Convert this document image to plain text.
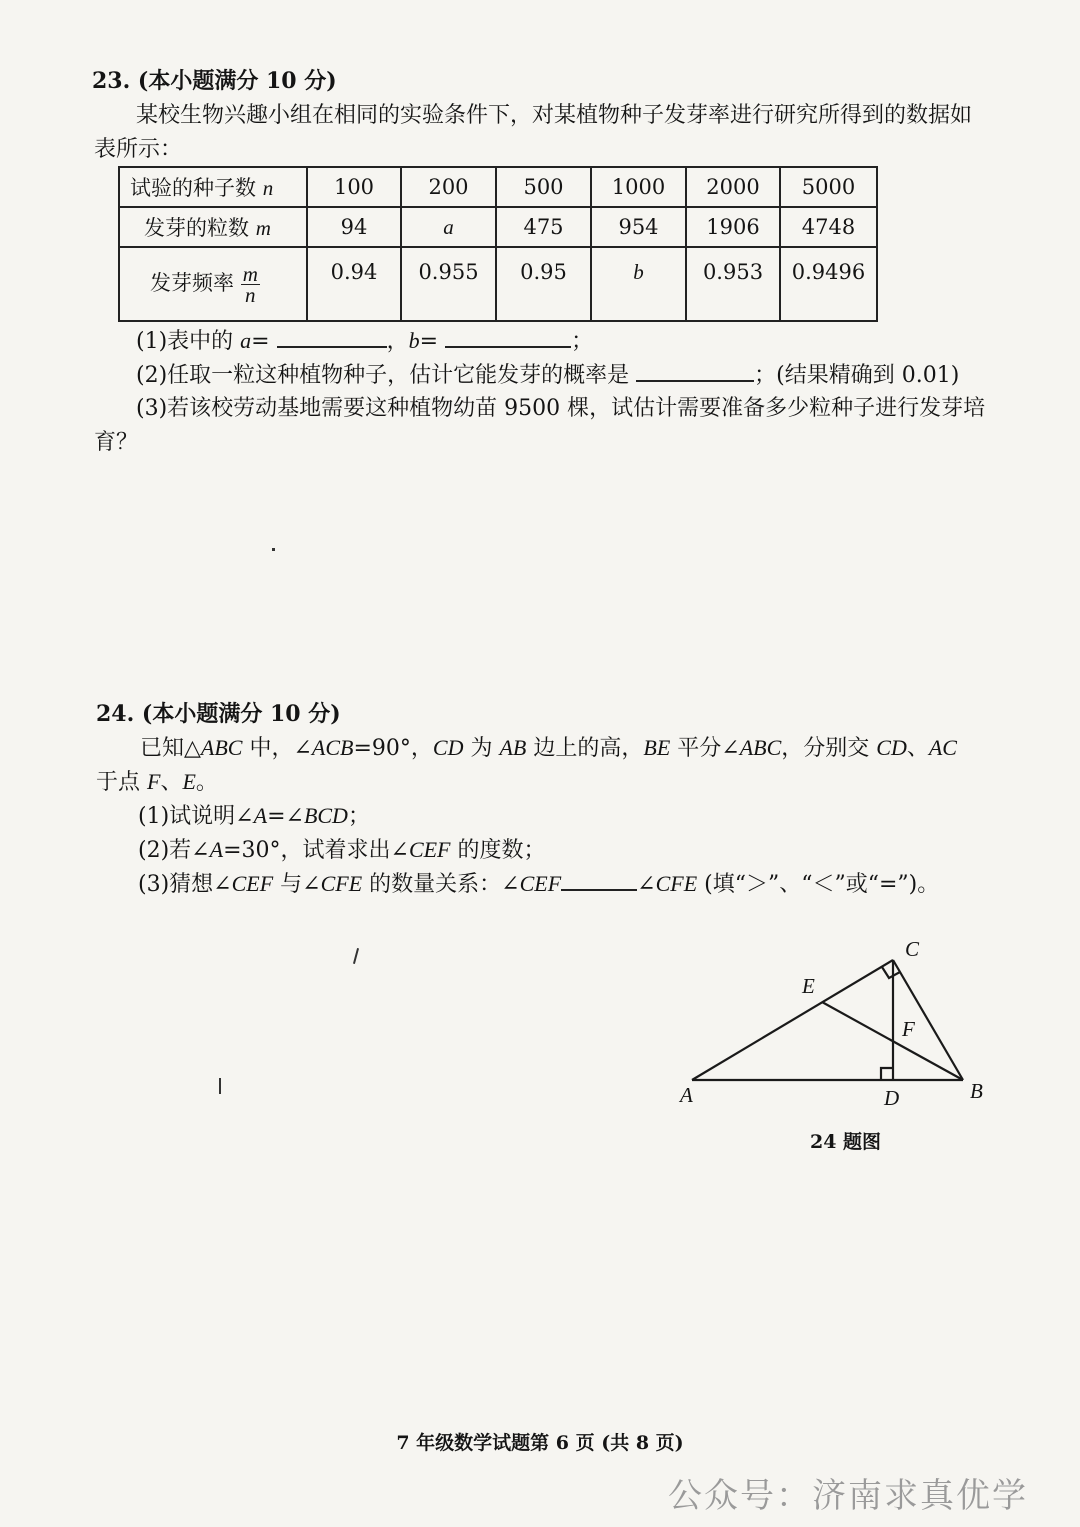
23. (本小题满分 10 分)
某校生物兴趣小组在相同的实验条件下，对某植物种子发芽率进行研究所得到的数据如
表所示：
试验的种子数 n	100	200	500	1000	2000	5000
发芽的粒数 m	94	a	475	954	1906	4748
发芽频率 $\frac{m}{n}$	0.94	0.955	0.95	b	0.953	0.9496
(1)表中的 a=	，b=	；
(2)任取一粒这种植物种子，估计它能发芽的概率是	；(结果精确到 0.01)
(3)若该校劳动基地需要这种植物幼苗 9500 棵，试估计需要准备多少粒种子进行发芽培
育？
24. (本小题满分 10 分)
已知△ABC 中，∠ACB=90°，CD 为 AB 边上的高，BE 平分∠ABC，分别交 CD、AC
于点 F、E。
(1)试说明∠A=∠BCD；
(2)若∠A=30°，试着求出∠CEF 的度数；
(3)猜想∠CEF 与∠CFE 的数量关系：∠CEF	∠CFE (填“＞”、“＜”或“=”)。
C
E
F
A	D	B
24 题图
7 年级数学试题第 6 页 (共 8 页)
公众号：济南求真优学
